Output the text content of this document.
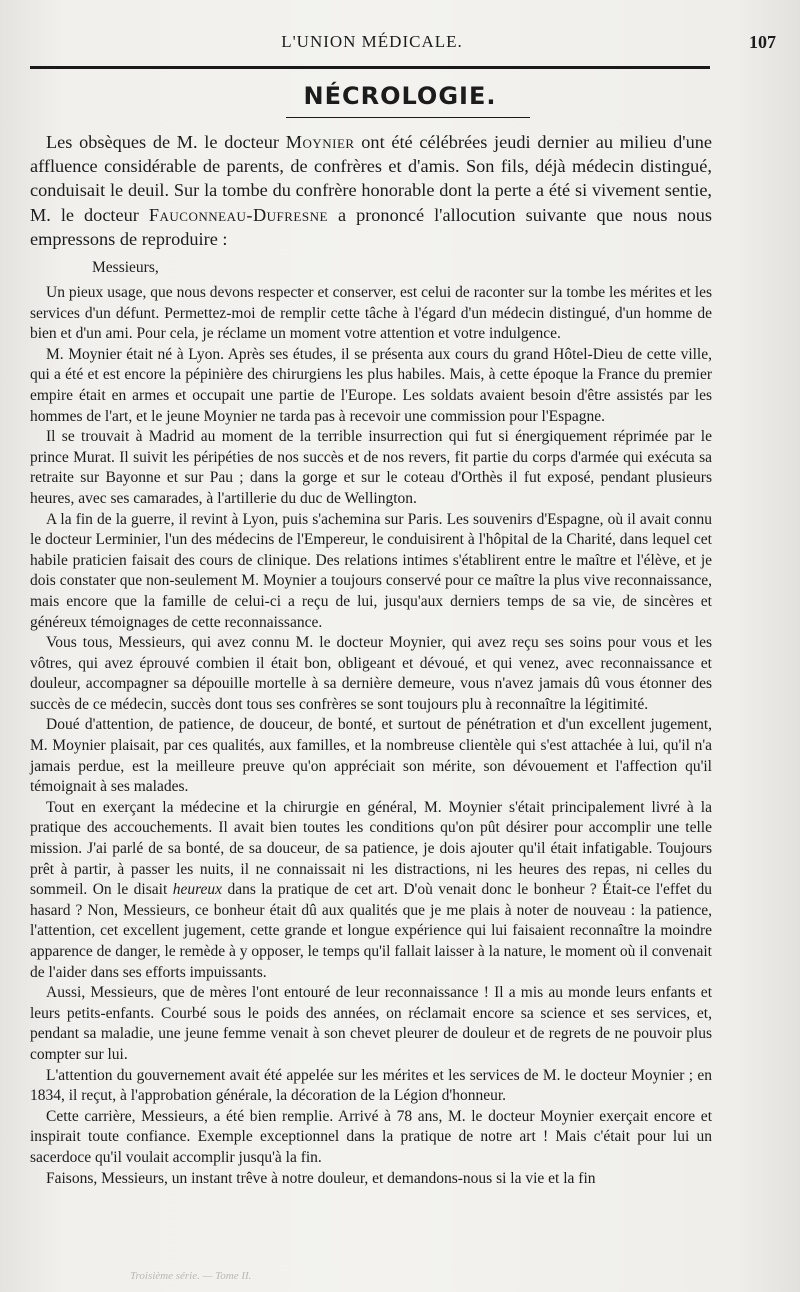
L'UNION MÉDICALE.	107
NÉCROLOGIE.

Les obsèques de M. le docteur Moynier ont été célébrées jeudi dernier au milieu d'une affluence considérable de parents, de confrères et d'amis. Son fils, déjà médecin distingué, conduisait le deuil. Sur la tombe du confrère honorable dont la perte a été si vivement sentie, M. le docteur Fauconneau-Dufresne a prononcé l'allocution suivante que nous nous empressons de reproduire :

Messieurs,

Un pieux usage, que nous devons respecter et conserver, est celui de raconter sur la tombe les mérites et les services d'un défunt. Permettez-moi de remplir cette tâche à l'égard d'un médecin distingué, d'un homme de bien et d'un ami. Pour cela, je réclame un moment votre attention et votre indulgence.

M. Moynier était né à Lyon. Après ses études, il se présenta aux cours du grand Hôtel-Dieu de cette ville, qui a été et est encore la pépinière des chirurgiens les plus habiles. Mais, à cette époque la France du premier empire était en armes et occupait une partie de l'Europe. Les soldats avaient besoin d'être assistés par les hommes de l'art, et le jeune Moynier ne tarda pas à recevoir une commission pour l'Espagne.

Il se trouvait à Madrid au moment de la terrible insurrection qui fut si énergiquement réprimée par le prince Murat. Il suivit les péripéties de nos succès et de nos revers, fit partie du corps d'armée qui exécuta sa retraite sur Bayonne et sur Pau ; dans la gorge et sur le coteau d'Orthès il fut exposé, pendant plusieurs heures, avec ses camarades, à l'artillerie du duc de Wellington.

A la fin de la guerre, il revint à Lyon, puis s'achemina sur Paris. Les souvenirs d'Espagne, où il avait connu le docteur Lerminier, l'un des médecins de l'Empereur, le conduisirent à l'hôpital de la Charité, dans lequel cet habile praticien faisait des cours de clinique. Des relations intimes s'établirent entre le maître et l'élève, et je dois constater que non-seulement M. Moynier a toujours conservé pour ce maître la plus vive reconnaissance, mais encore que la famille de celui-ci a reçu de lui, jusqu'aux derniers temps de sa vie, de sincères et généreux témoignages de cette reconnaissance.

Vous tous, Messieurs, qui avez connu M. le docteur Moynier, qui avez reçu ses soins pour vous et les vôtres, qui avez éprouvé combien il était bon, obligeant et dévoué, et qui venez, avec reconnaissance et douleur, accompagner sa dépouille mortelle à sa dernière demeure, vous n'avez jamais dû vous étonner des succès de ce médecin, succès dont tous ses confrères se sont toujours plu à reconnaître la légitimité.

Doué d'attention, de patience, de douceur, de bonté, et surtout de pénétration et d'un excellent jugement, M. Moynier plaisait, par ces qualités, aux familles, et la nombreuse clientèle qui s'est attachée à lui, qu'il n'a jamais perdue, est la meilleure preuve qu'on appréciait son mérite, son dévouement et l'affection qu'il témoignait à ses malades.

Tout en exerçant la médecine et la chirurgie en général, M. Moynier s'était principalement livré à la pratique des accouchements. Il avait bien toutes les conditions qu'on pût désirer pour accomplir une telle mission. J'ai parlé de sa bonté, de sa douceur, de sa patience, je dois ajouter qu'il était infatigable. Toujours prêt à partir, à passer les nuits, il ne connaissait ni les distractions, ni les heures des repas, ni celles du sommeil. On le disait heureux dans la pratique de cet art. D'où venait donc le bonheur ? Était-ce l'effet du hasard ? Non, Messieurs, ce bonheur était dû aux qualités que je me plais à noter de nouveau : la patience, l'attention, cet excellent jugement, cette grande et longue expérience qui lui faisaient reconnaître la moindre apparence de danger, le remède à y opposer, le temps qu'il fallait laisser à la nature, le moment où il convenait de l'aider dans ses efforts impuissants.

Aussi, Messieurs, que de mères l'ont entouré de leur reconnaissance ! Il a mis au monde leurs enfants et leurs petits-enfants. Courbé sous le poids des années, on réclamait encore sa science et ses services, et, pendant sa maladie, une jeune femme venait à son chevet pleurer de douleur et de regrets de ne pouvoir plus compter sur lui.

L'attention du gouvernement avait été appelée sur les mérites et les services de M. le docteur Moynier ; en 1834, il reçut, à l'approbation générale, la décoration de la Légion d'honneur.

Cette carrière, Messieurs, a été bien remplie. Arrivé à 78 ans, M. le docteur Moynier exerçait encore et inspirait toute confiance. Exemple exceptionnel dans la pratique de notre art ! Mais c'était pour lui un sacerdoce qu'il voulait accomplir jusqu'à la fin.

Faisons, Messieurs, un instant trêve à notre douleur, et demandons-nous si la vie et la fin

Troisième série. — Tome II.
